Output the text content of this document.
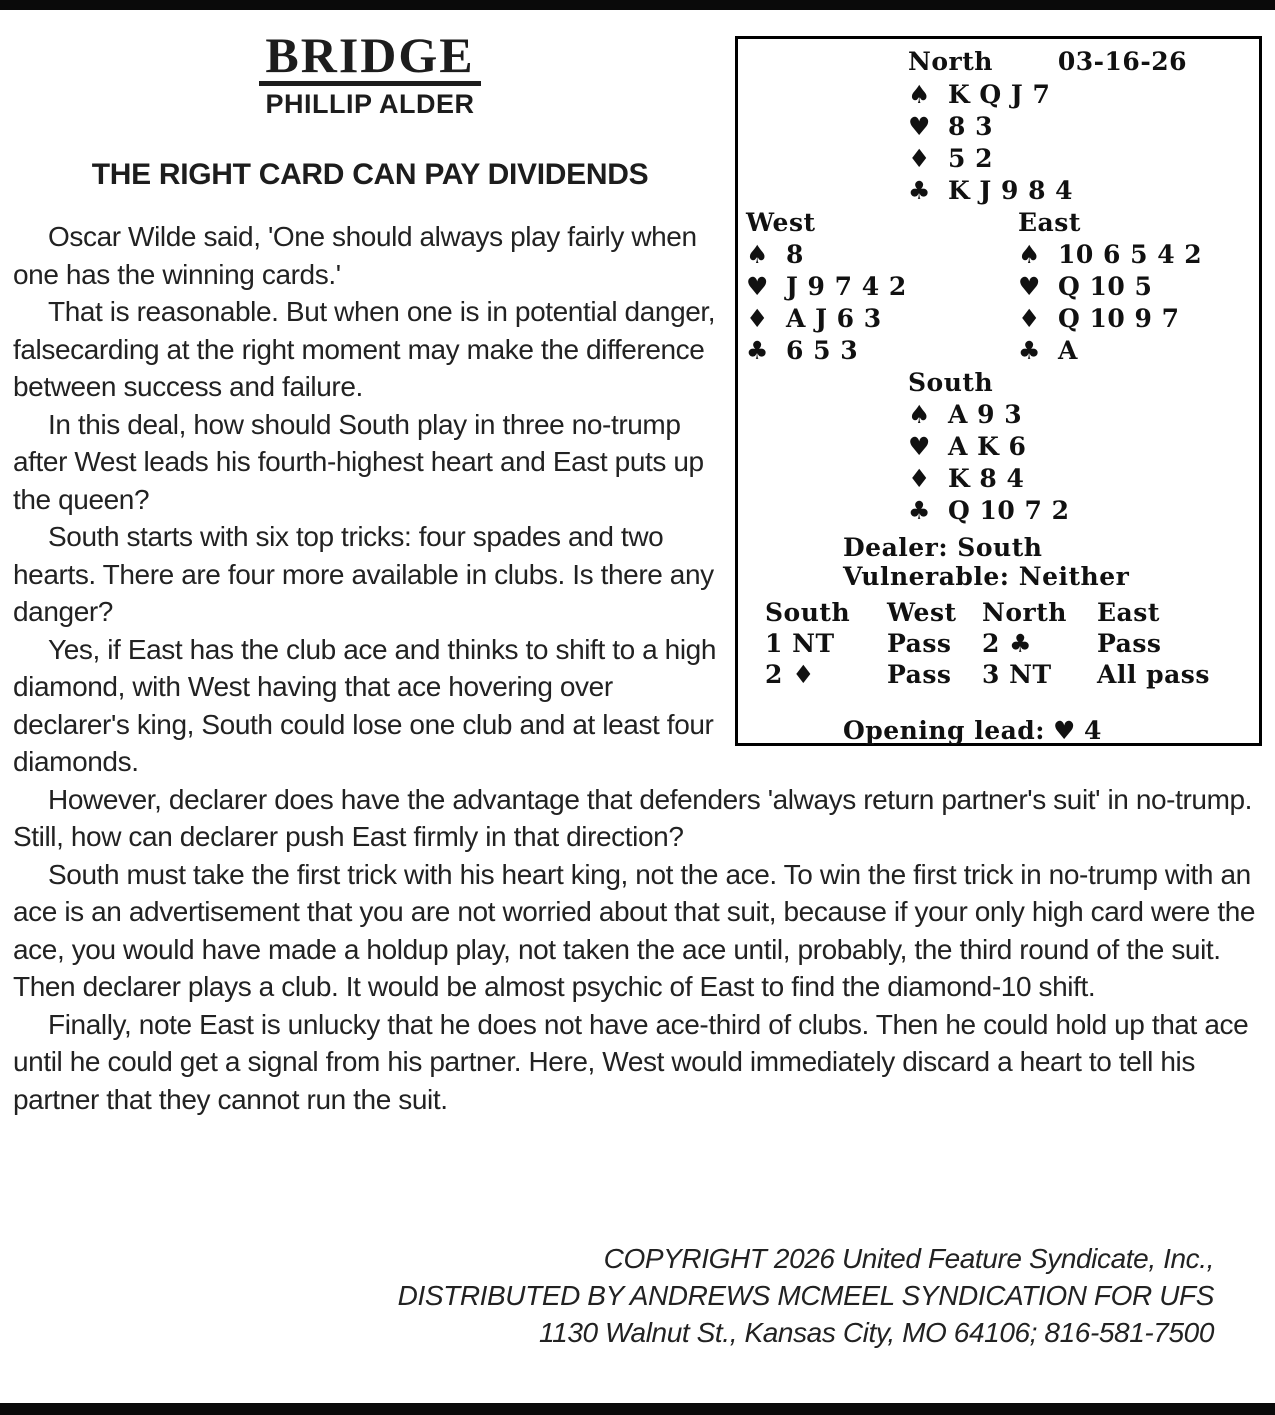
North	03-16-26
♠ K Q J 7
♥ 8 3
♦ 5 2
♣ K J 9 8 4
West
♠ 8
♥ J 9 7 4 2
♦ A J 6 3
♣ 6 5 3
East
♠ 10 6 5 4 2
♥ Q 10 5
♦ Q 10 9 7
♣ A
South
♠ A 9 3
♥ A K 6
♦ K 8 4
♣ Q 10 7 2
Dealer: South
Vulnerable: Neither
South	West	North	East
1 NT	Pass	2 ♣	Pass
2 ♦	Pass	3 NT	All pass
Opening lead: ♥ 4
BRIDGE
PHILLIP ALDER
THE RIGHT CARD CAN PAY DIVIDENDS

Oscar Wilde said, 'One should always play fairly when one has the winning cards.'

That is reasonable. But when one is in potential danger, falsecarding at the right moment may make the difference between success and failure.

In this deal, how should South play in three no-trump after West leads his fourth-highest heart and East puts up the queen?

South starts with six top tricks: four spades and two hearts. There are four more available in clubs. Is there any danger?

Yes, if East has the club ace and thinks to shift to a high diamond, with West having that ace hovering over declarer's king, South could lose one club and at least four diamonds.

However, declarer does have the advantage that defenders 'always return partner's suit' in no-trump. Still, how can declarer push East firmly in that direction?

South must take the first trick with his heart king, not the ace. To win the first trick in no-trump with an ace is an advertisement that you are not worried about that suit, because if your only high card were the ace, you would have made a holdup play, not taken the ace until, probably, the third round of the suit. Then declarer plays a club. It would be almost psychic of East to find the diamond-10 shift.

Finally, note East is unlucky that he does not have ace-third of clubs. Then he could hold up that ace until he could get a signal from his partner. Here, West would immediately discard a heart to tell his partner that they cannot run the suit.

COPYRIGHT 2026 United Feature Syndicate, Inc.,
DISTRIBUTED BY ANDREWS MCMEEL SYNDICATION FOR UFS
1130 Walnut St., Kansas City, MO 64106; 816-581-7500
